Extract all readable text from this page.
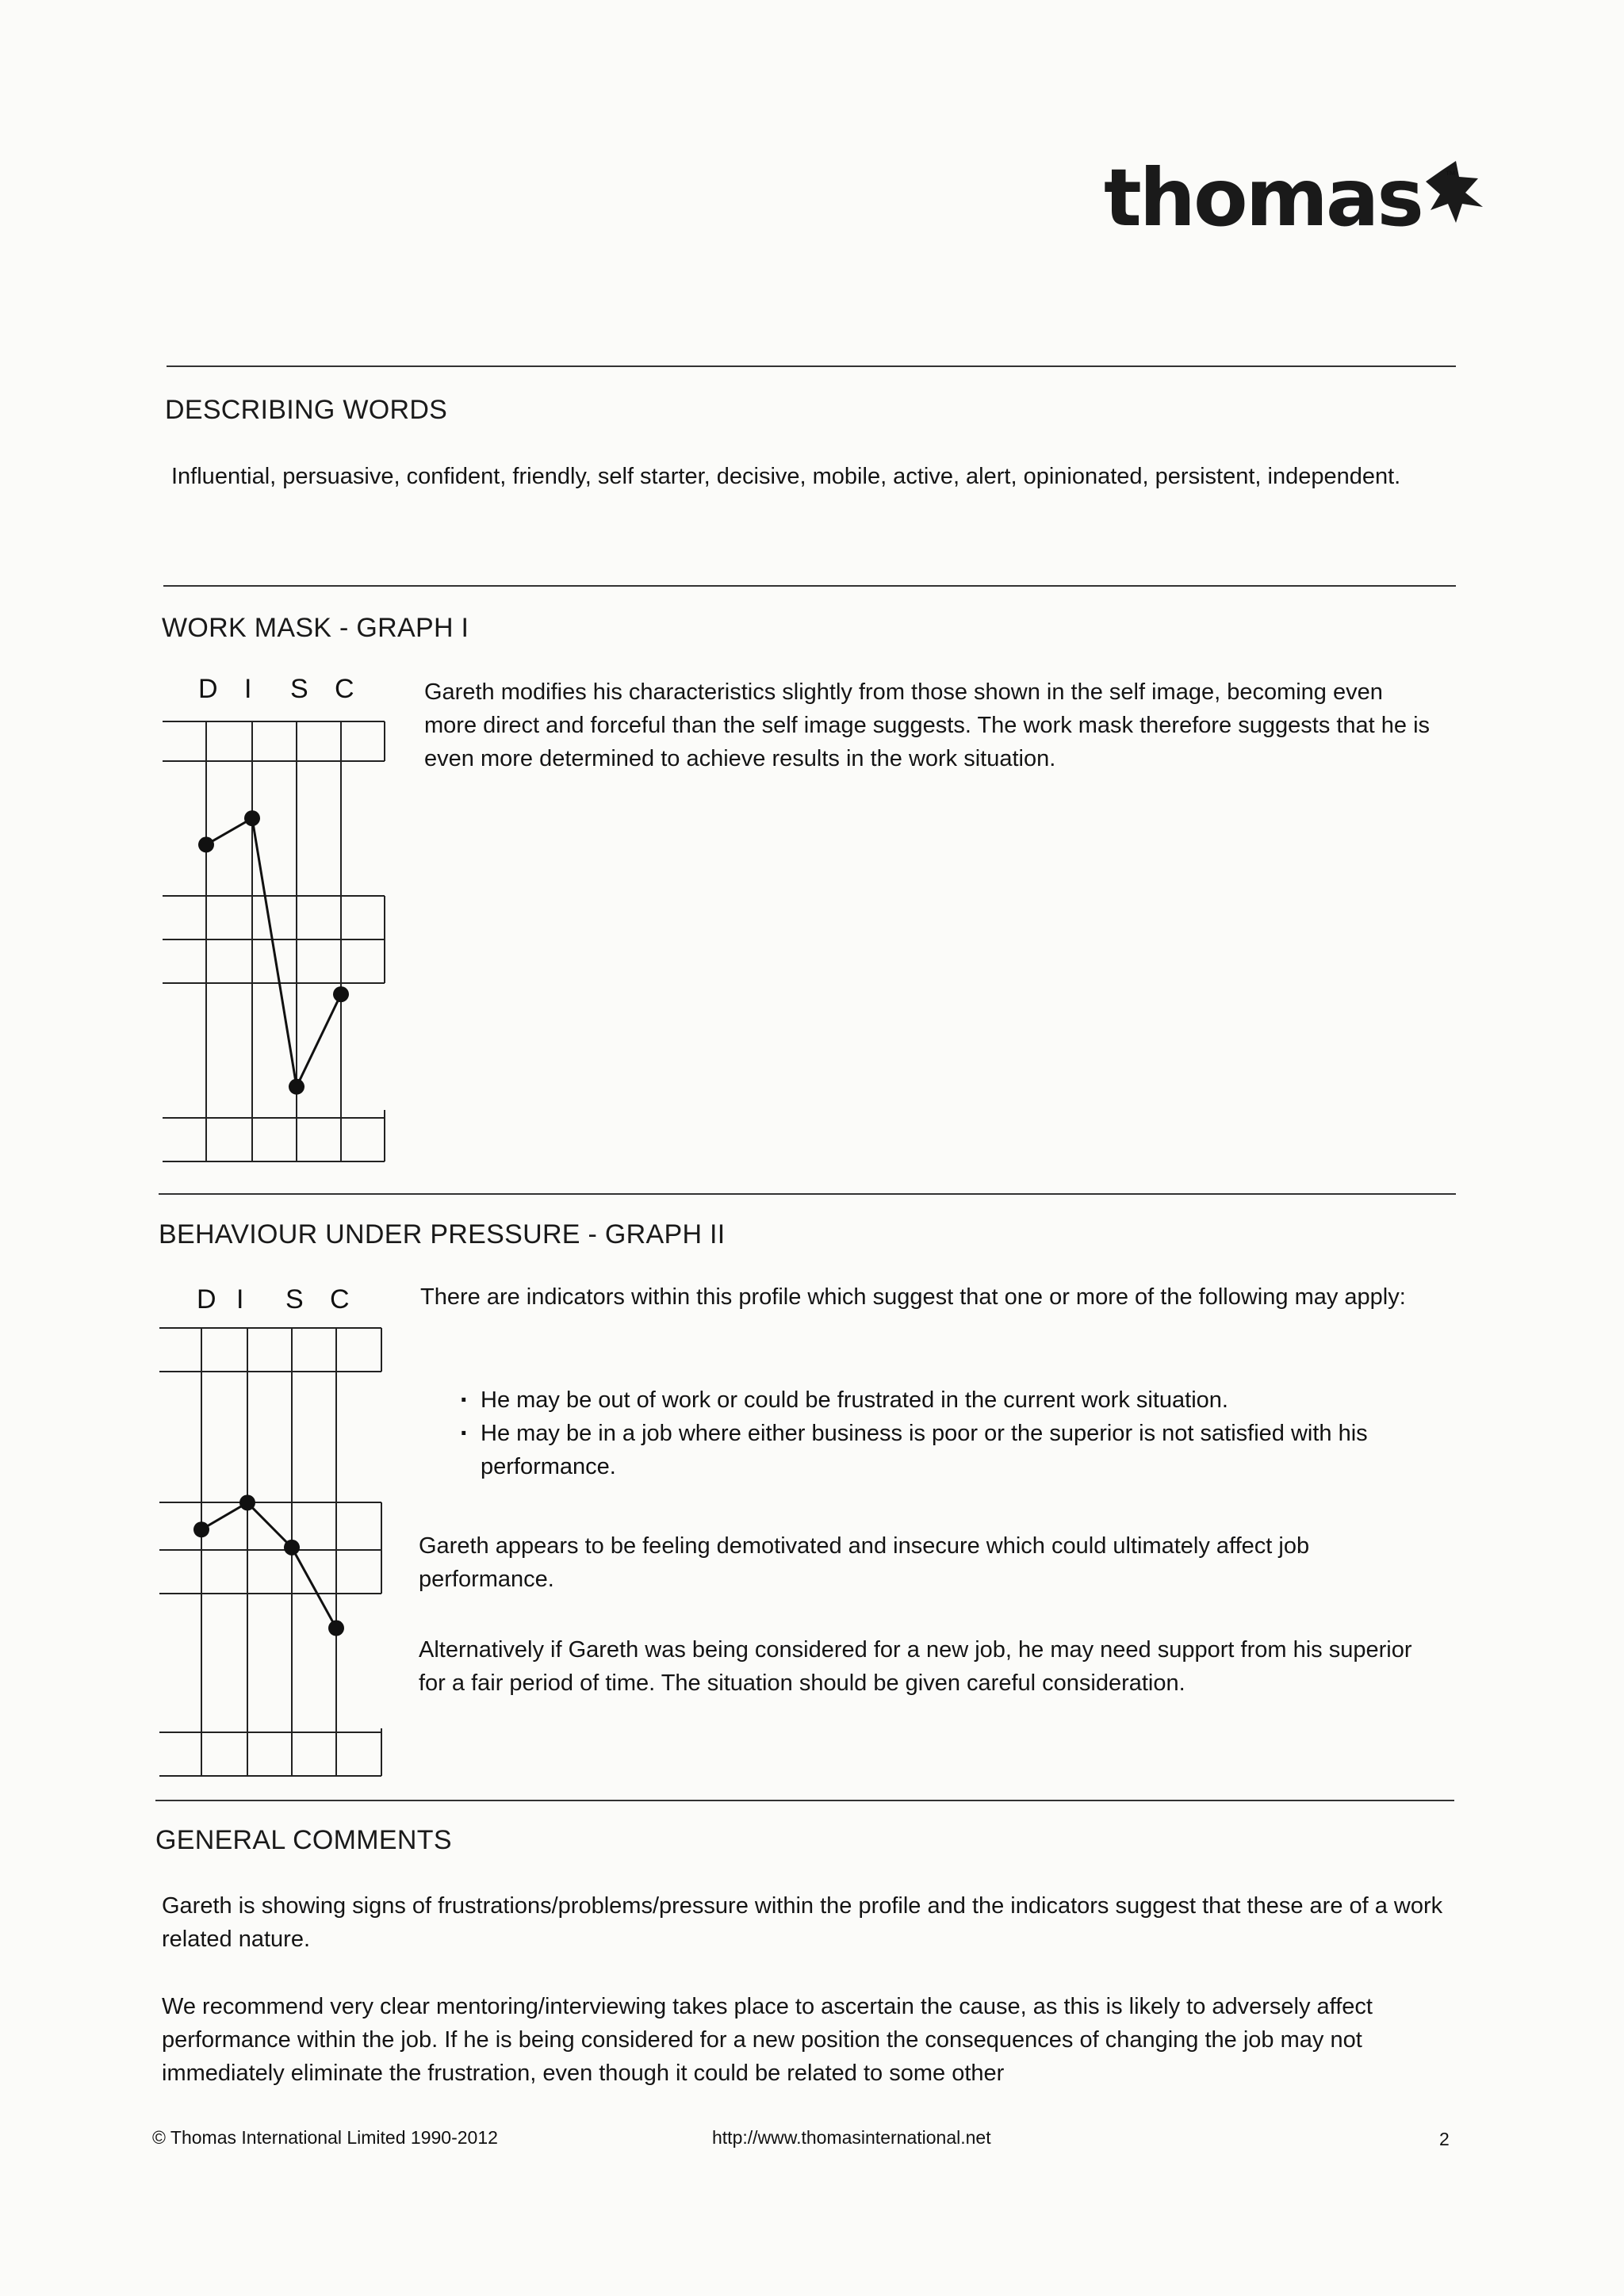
thomas ™
DESCRIBING WORDS
Influential, persuasive, confident, friendly, self starter, decisive, mobile, active, alert, opinionated, persistent, independent.
WORK MASK - GRAPH I
D I S C	Gareth modifies his characteristics slightly from those shown in the self image, becoming even more direct and forceful than the self image suggests. The work mask therefore suggests that he is even more determined to achieve results in the work situation.
BEHAVIOUR UNDER PRESSURE - GRAPH II
D I S C	There are indicators within this profile which suggest that one or more of the following may apply:
· He may be out of work or could be frustrated in the current work situation.
· He may be in a job where either business is poor or the superior is not satisfied with his performance.
Gareth appears to be feeling demotivated and insecure which could ultimately affect job performance.
Alternatively if Gareth was being considered for a new job, he may need support from his superior for a fair period of time. The situation should be given careful consideration.
GENERAL COMMENTS
Gareth is showing signs of frustrations/problems/pressure within the profile and the indicators suggest that these are of a work related nature.
We recommend very clear mentoring/interviewing takes place to ascertain the cause, as this is likely to adversely affect performance within the job. If he is being considered for a new position the consequences of changing the job may not immediately eliminate the frustration, even though it could be related to some other
© Thomas International Limited 1990-2012	http://www.thomasinternational.net	2
